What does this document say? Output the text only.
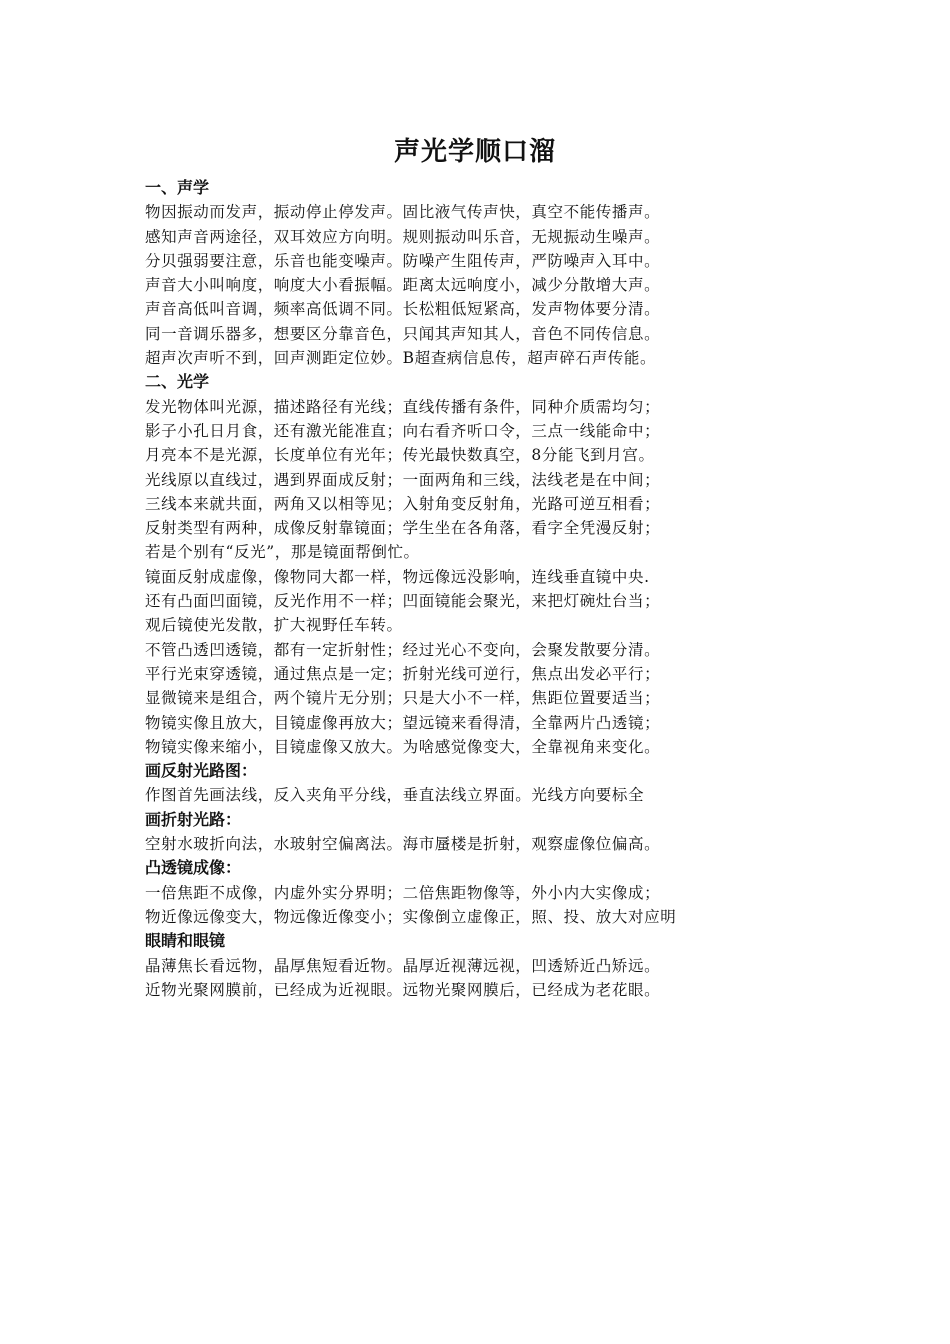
声光学顺口溜
一、声学
物因振动而发声，振动停止停发声。固比液气传声快，真空不能传播声。
感知声音两途径，双耳效应方向明。规则振动叫乐音，无规振动生噪声。
分贝强弱要注意，乐音也能变噪声。防噪产生阻传声，严防噪声入耳中。
声音大小叫响度，响度大小看振幅。距离太远响度小，减少分散增大声。
声音高低叫音调，频率高低调不同。长松粗低短紧高，发声物体要分清。
同一音调乐器多，想要区分靠音色，只闻其声知其人，音色不同传信息。
超声次声听不到，回声测距定位妙。B超查病信息传，超声碎石声传能。
二、光学
发光物体叫光源，描述路径有光线；直线传播有条件，同种介质需均匀；
影子小孔日月食，还有激光能准直；向右看齐听口令，三点一线能命中；
月亮本不是光源，长度单位有光年；传光最快数真空，8分能飞到月宫。
光线原以直线过，遇到界面成反射；一面两角和三线，法线老是在中间；
三线本来就共面，两角又以相等见；入射角变反射角，光路可逆互相看；
反射类型有两种，成像反射靠镜面；学生坐在各角落，看字全凭漫反射；
若是个别有“反光”，那是镜面帮倒忙。
镜面反射成虚像，像物同大都一样，物远像远没影响，连线垂直镜中央.
还有凸面凹面镜，反光作用不一样；凹面镜能会聚光，来把灯碗灶台当；
观后镜使光发散，扩大视野任车转。
不管凸透凹透镜，都有一定折射性；经过光心不变向，会聚发散要分清。
平行光束穿透镜，通过焦点是一定；折射光线可逆行，焦点出发必平行；
显微镜来是组合，两个镜片无分别；只是大小不一样，焦距位置要适当；
物镜实像且放大，目镜虚像再放大；望远镜来看得清，全靠两片凸透镜；
物镜实像来缩小，目镜虚像又放大。为啥感觉像变大，全靠视角来变化。
画反射光路图：
作图首先画法线，反入夹角平分线，垂直法线立界面。光线方向要标全
画折射光路：
空射水玻折向法，水玻射空偏离法。海市蜃楼是折射，观察虚像位偏高。
凸透镜成像：
一倍焦距不成像，内虚外实分界明；二倍焦距物像等，外小内大实像成；
物近像远像变大，物远像近像变小；实像倒立虚像正，照、投、放大对应明
眼睛和眼镜
晶薄焦长看远物，晶厚焦短看近物。晶厚近视薄远视，凹透矫近凸矫远。
近物光聚网膜前，已经成为近视眼。远物光聚网膜后，已经成为老花眼。
